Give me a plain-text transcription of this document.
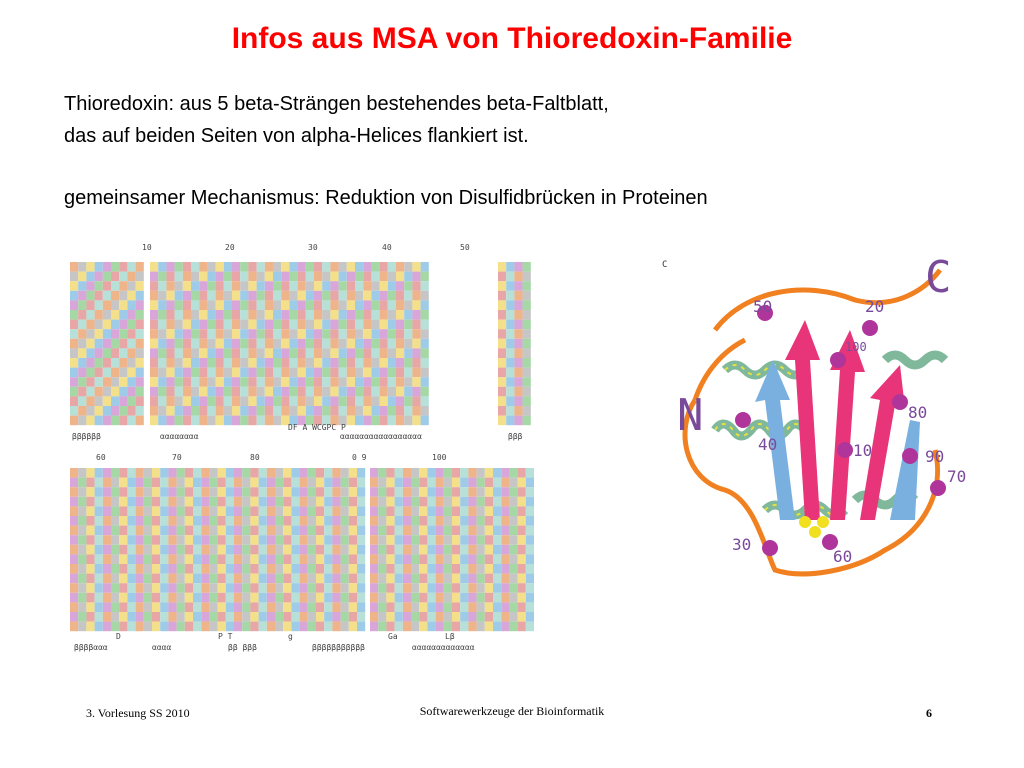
Infos aus MSA von Thioredoxin-Familie
Thioredoxin: aus 5 beta-Strängen bestehendes beta-Faltblatt,
das auf beiden Seiten von alpha-Helices flankiert ist.
gemeinsamer Mechanismus: Reduktion von Disulfidbrücken in Proteinen
10	20	30	40	50
DF A WCGPC P
ββββββ	αααααααα	ααααααααααααααααα	βββ
60	70	80	0 9	100
D	P T	g	Ga	Lβ
ββββααα	αααα	ββ βββ	βββββββββββ	ααααααααααααα
C	C
N
50	20
100
80
40	10	90
70
30
60
3. Vorlesung SS 2010	Softwarewerkzeuge der Bioinformatik	6
